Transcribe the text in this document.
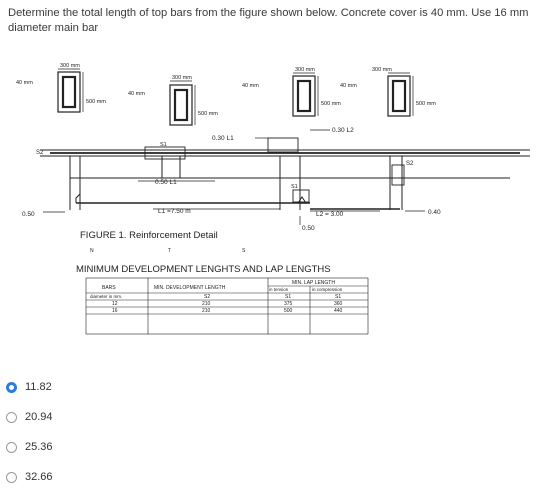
Determine the total length of top bars from the figure shown below. Concrete cover is 40 mm. Use 16 mm diameter main bar
300 mm
40 mm
500 mm
300 mm
40 mm
500 mm
40 mm
300 mm
500 mm
40 mm
300 mm
500 mm
S2
S2
S1
S1
0.30 L1
0.30 L2
0.50 L1
L1 =7.50 m	L2 = 3.00
0.50	0.40
0.50
FIGURE 1. Reinforcement Detail
N	T	S
MINIMUM DEVELOPMENT LENGHTS AND LAP LENGTHS
BARS	MIN. DEVELOPMENT LENGTH
MIN. LAP LENGTH
in tension	in compression
diameter in mm.	S2	S1	S1
12	210	375	360
16	210	500	440
11.82
20.94
25.36
32.66
